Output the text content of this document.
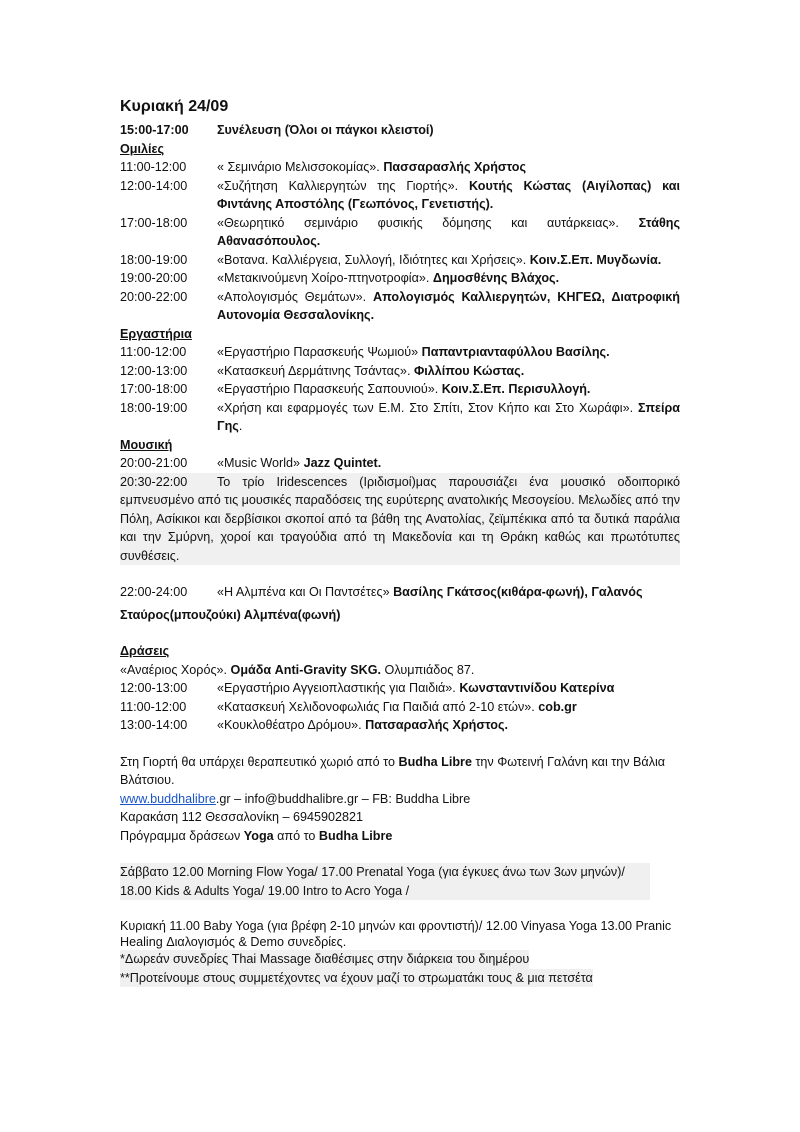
Κυριακή 24/09
15:00-17:00	Συνέλευση (Όλοι οι πάγκοι κλειστοί)

Ομιλίες

11:00-12:00	« Σεμινάριο Μελισσοκομίας». Πασσαρασλής Χρήστος
12:00-14:00	«Συζήτηση Καλλιεργητών της Γιορτής». Κουτής Κώστας (Αιγίλοπας) και Φιντάνης Αποστόλης (Γεωπόνος, Γενετιστής).
17:00-18:00	«Θεωρητικό σεμινάριο φυσικής δόμησης και αυτάρκειας». Στάθης Αθανασόπουλος.
18:00-19:00	«Βοτανα. Καλλιέργεια, Συλλογή, Ιδιότητες και Χρήσεις». Κοιν.Σ.Επ. Μυγδωνία.
19:00-20:00	«Μετακινούμενη Χοίρο-πτηνοτροφία». Δημοσθένης Βλάχος.
20:00-22:00	«Απολογισμός Θεμάτων». Απολογισμός Καλλιεργητών, ΚΗΓΕΩ, Διατροφική Αυτονομία Θεσσαλονίκης.

Εργαστήρια

11:00-12:00	«Εργαστήριο Παρασκευής Ψωμιού» Παπαντριανταφύλλου Βασίλης.
12:00-13:00	«Κατασκευή Δερμάτινης Τσάντας». Φιλλίπου Κώστας.
17:00-18:00	«Εργαστήριο Παρασκευής Σαπουνιού». Κοιν.Σ.Επ. Περισυλλογή.
18:00-19:00	«Χρήση και εφαρμογές των Ε.Μ. Στο Σπίτι, Στον Κήπο και Στο Χωράφι». Σπείρα Γης.

Μουσική

20:00-21:00	«Music World» Jazz Quintet.
20:30-22:00	Το τρίο Iridescences (Ιριδισμοί)μας παρουσιάζει ένα μουσικό οδοιπορικό

εμπνευσμένο από τις μουσικές παραδόσεις της ευρύτερης ανατολικής Μεσογείου. Μελωδίες από την Πόλη, Ασίκικοι και δερβίσικοι σκοποί από τα βάθη της Ανατολίας, ζεϊμπέκικα από τα δυτικά παράλια και την Σμύρνη, χοροί και τραγούδια από τη Μακεδονία και τη Θράκη καθώς και πρωτότυπες συνθέσεις.

22:00-24:00	«Η Αλμπένα και Οι Παντσέτες» Βασίλης Γκάτσος(κιθάρα-φωνή), Γαλανός
Σταύρος(μπουζούκι) Αλμπένα(φωνή)

Δράσεις

«Αναέριος Χορός». Ομάδα Anti-Gravity SKG. Ολυμπιάδος 87.
12:00-13:00	«Εργαστήριο Αγγειοπλαστικής για Παιδιά». Κωνσταντινίδου Κατερίνα
11:00-12:00	«Κατασκευή Χελιδονοφωλιάς Για Παιδιά από 2-10 ετών». cob.gr
13:00-14:00	«Κουκλοθέατρο Δρόμου». Πατσαρασλής Χρήστος.
Στη Γιορτή θα υπάρχει θεραπευτικό χωριό από το Budha Libre την Φωτεινή Γαλάνη και την Βάλια Βλάτσιου.
www.buddhalibre.gr – info@buddhalibre.gr – FB: Buddha Libre
Καρακάση 112 Θεσσαλονίκη – 6945902821
Πρόγραμμα δράσεων Yoga από το Budha Libre
Σάββατο 12.00 Morning Flow Yoga/ 17.00 Prenatal Yoga (για έγκυες άνω των 3ων μηνών)/ 18.00 Kids & Adults Yoga/ 19.00 Intro to Acro Yoga /
Κυριακή 11.00 Baby Yoga (για βρέφη 2-10 μηνών και φροντιστή)/ 12.00 Vinyasa Yoga 13.00 Pranic Healing Διαλογισμός & Demo συνεδρίες.
*Δωρεάν συνεδρίες Thai Massage διαθέσιμες στην διάρκεια του διημέρου **Προτείνουμε στους συμμετέχοντες να έχουν μαζί το στρωματάκι τους & μια πετσέτα
